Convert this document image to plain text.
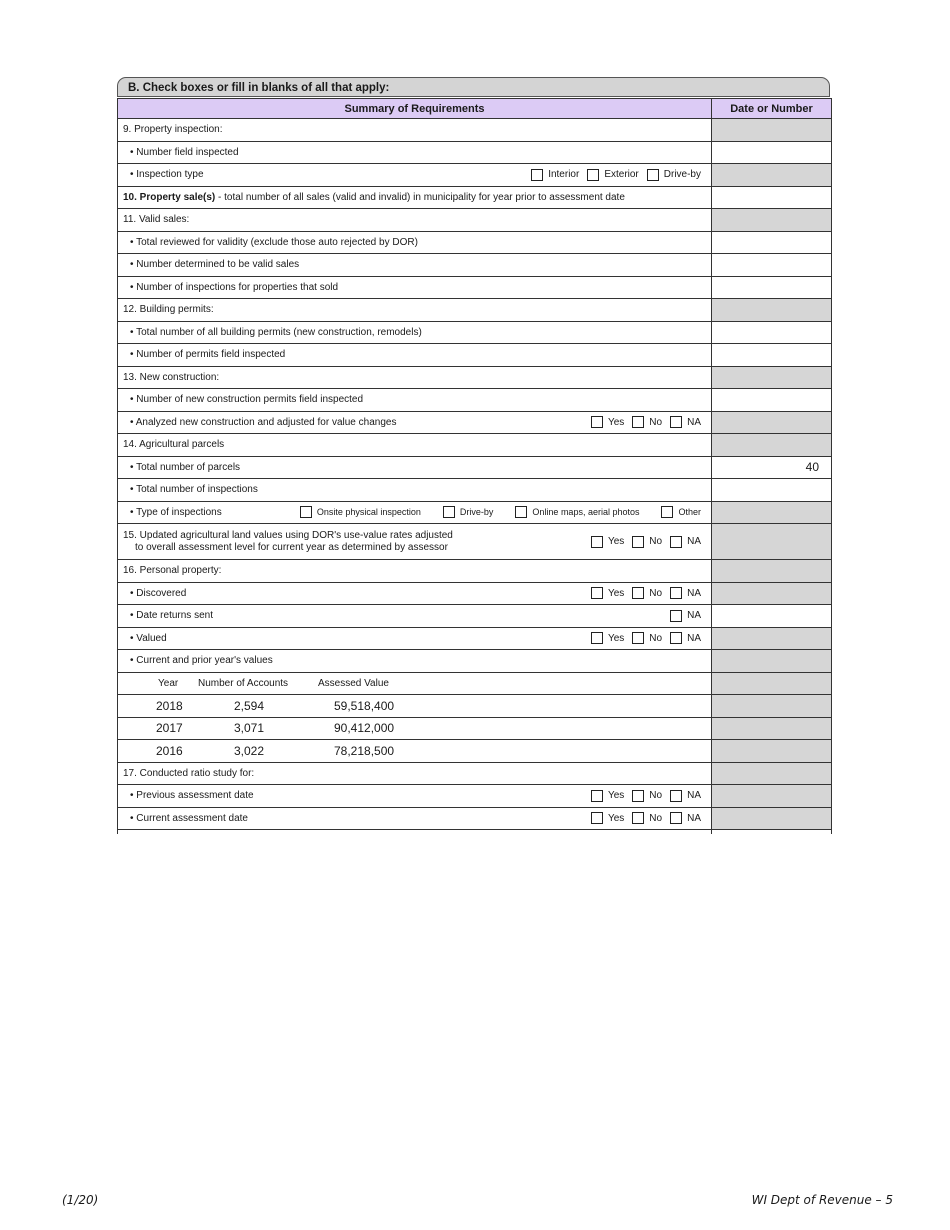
B. Check boxes or fill in blanks of all that apply:
Summary of Requirements	Date or Number

9. Property inspection:	

• Number field inspected	

• Inspection type Interior Exterior Drive-by	

10. Property sale(s) - total number of all sales (valid and invalid) in municipality for year prior to assessment date	

11. Valid sales:	

• Total reviewed for validity (exclude those auto rejected by DOR)	

• Number determined to be valid sales	

• Number of inspections for properties that sold	

12. Building permits:	

• Total number of all building permits (new construction, remodels)	

• Number of permits field inspected	

13. New construction:	

• Number of new construction permits field inspected	

• Analyzed new construction and adjusted for value changes Yes No NA	

14. Agricultural parcels	

• Total number of parcels	40

• Total number of inspections	

• Type of inspections Onsite physical inspection Drive-by Online maps, aerial photos Other	

15. Updated agricultural land values using DOR's use-value rates adjusted
to overall assessment level for current year as determined by assessor Yes No NA	

16. Personal property:	

• Discovered Yes No NA	

• Date returns sent NA	

• Valued Yes No NA	

• Current and prior year's values	

Year Number of Accounts Assessed Value	

2018 2,594 59,518,400	

2017 3,071 90,412,000	

2016 3,022 78,218,500	

17. Conducted ratio study for:	

• Previous assessment date Yes No NA	

• Current assessment date Yes No NA	

(1/20)	WI Dept of Revenue – 5
